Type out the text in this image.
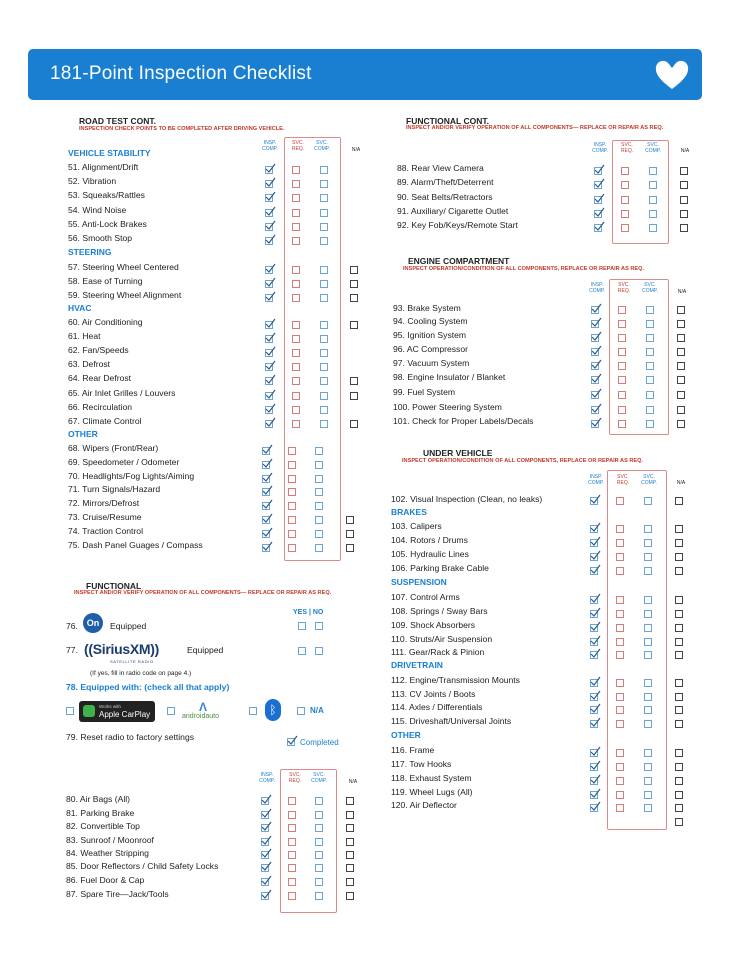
181-Point Inspection Checklist
ROAD TEST CONT.
INSPECTION CHECK POINTS TO BE COMPLETED AFTER DRIVING VEHICLE.
INSP.
COMP.
SVC.
REQ.
SVC.
COMP.	N/A
VEHICLE STABILITY
51. Alignment/Drift
52. Vibration
53. Squeaks/Rattles
54. Wind Noise
55. Anti-Lock Brakes
56. Smooth Stop
STEERING
57. Steering Wheel Centered
58. Ease of Turning
59. Steering Wheel Alignment
HVAC
60. Air Conditioning
61. Heat
62. Fan/Speeds
63. Defrost
64. Rear Defrost
65. Air Inlet Grilles / Louvers
66. Recirculation
67. Climate Control
OTHER
68. Wipers (Front/Rear)
69. Speedometer / Odometer
70. Headlights/Fog Lights/Aiming
71. Turn Signals/Hazard
72. Mirrors/Defrost
73. Cruise/Resume
74. Traction Control
75. Dash Panel Guages / Compass
FUNCTIONAL
INSPECT AND/OR VERIFY OPERATION OF ALL COMPONENTS— REPLACE OR REPAIR AS REQ.
YES | NO
76. On	Equipped
77. ((SiriusXM))
SATELLITE RADIO
Equipped
(If yes, fill in radio code on page 4.)
78. Equipped with: (check all that apply)
Works with
Apple CarPlay
Λ
androidauto	ᛒ	N/A
79. Reset radio to factory settings
Completed
INSP.
COMP.
SVC.
REQ.
SVC.
COMP.	N/A
80. Air Bags (All)
81. Parking Brake
82. Convertible Top
83. Sunroof / Moonroof
84. Weather Stripping
85. Door Reflectors / Child Safety Locks
86. Fuel Door & Cap
87. Spare Tire—Jack/Tools
FUNCTIONAL CONT.
INSPECT AND/OR VERIFY OPERATION OF ALL COMPONENTS— REPLACE OR REPAIR AS REQ.
INSP.
COMP.
SVC.
REQ.
SVC.
COMP.	N/A
88. Rear View Camera
89. Alarm/Theft/Deterrent
90. Seat Belts/Retractors
91. Auxiliary/ Cigarette Outlet
92. Key Fob/Keys/Remote Start
ENGINE COMPARTMENT
INSPECT OPERATION/CONDITION OF ALL COMPONENTS, REPLACE OR REPAIR AS REQ.
INSP.
COMP.
SVC.
REQ.
SVC.
COMP.	N/A
93. Brake System
94. Cooling System
95. Ignition System
96. AC Compressor
97. Vacuum System
98. Engine Insulator / Blanket
99. Fuel System
100. Power Steering System
101. Check for Proper Labels/Decals
UNDER VEHICLE
INSPECT OPERATION/CONDITION OF ALL COMPONENTS, REPLACE OR REPAIR AS REQ.
INSP.
COMP.
SVC.
REQ.
SVC.
COMP.	N/A
102. Visual Inspection (Clean, no leaks)
BRAKES
103. Calipers
104. Rotors / Drums
105. Hydraulic Lines
106. Parking Brake Cable
SUSPENSION
107. Control Arms
108. Springs / Sway Bars
109. Shock Absorbers
110. Struts/Air Suspension
111. Gear/Rack & Pinion
DRIVETRAIN
112. Engine/Transmission Mounts
113. CV Joints / Boots
114. Axles / Differentials
115. Driveshaft/Universal Joints
OTHER
116. Frame
117. Tow Hooks
118. Exhaust System
119. Wheel Lugs (All)
120. Air Deflector
